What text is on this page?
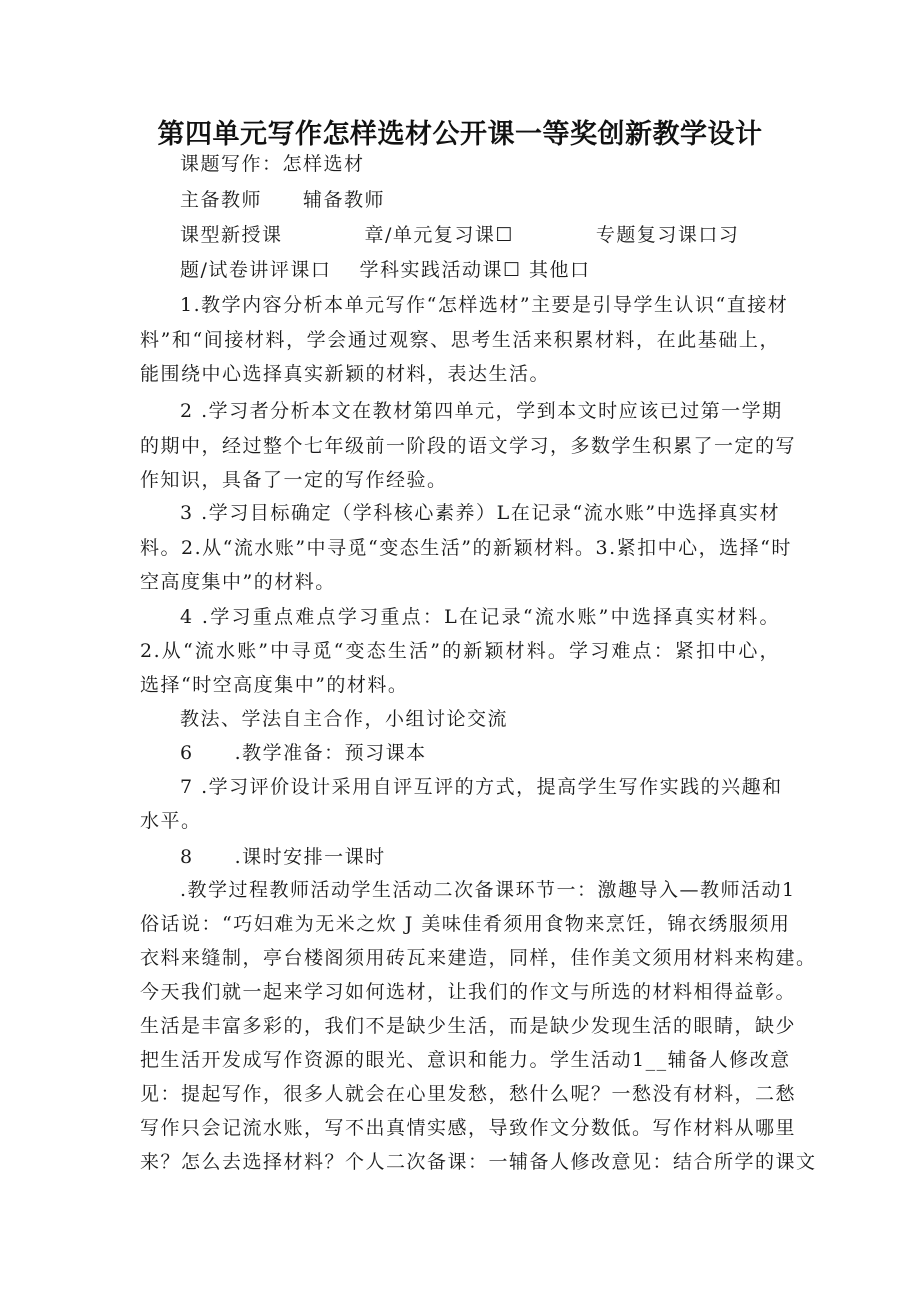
第四单元写作怎样选材公开课一等奖创新教学设计
课题写作：怎样选材
主备教师　　辅备教师
课型新授课　　　　章/单元复习课☐　　　　专题复习课口习
题/试卷讲评课口　 学科实践活动课☐ 其他口
1.教学内容分析本单元写作“怎样选材”主要是引导学生认识“直接材
料”和“间接材料，学会通过观察、思考生活来积累材料，在此基础上，
能围绕中心选择真实新颖的材料，表达生活。
2 .学习者分析本文在教材第四单元，学到本文时应该已过第一学期
的期中，经过整个七年级前一阶段的语文学习，多数学生积累了一定的写
作知识，具备了一定的写作经验。
3 .学习目标确定（学科核心素养）L在记录“流水账”中选择真实材
料。2.从“流水账”中寻觅“变态生活”的新颖材料。3.紧扣中心，选择“时
空高度集中”的材料。
4 .学习重点难点学习重点：L在记录“流水账”中选择真实材料。
2.从“流水账”中寻觅“变态生活”的新颖材料。学习难点：紧扣中心，
选择“时空高度集中”的材料。
教法、学法自主合作，小组讨论交流
6　　.教学准备：预习课本
7 .学习评价设计采用自评互评的方式，提高学生写作实践的兴趣和
水平。
8　　.课时安排一课时
.教学过程教师活动学生活动二次备课环节一：激趣导入—教师活动1
俗话说：“巧妇难为无米之炊 J 美味佳肴须用食物来烹饪，锦衣绣服须用
衣料来缝制，亭台楼阁须用砖瓦来建造，同样，佳作美文须用材料来构建。
今天我们就一起来学习如何选材，让我们的作文与所选的材料相得益彰。
生活是丰富多彩的，我们不是缺少生活，而是缺少发现生活的眼睛，缺少
把生活开发成写作资源的眼光、意识和能力。学生活动1__辅备人修改意
见：提起写作，很多人就会在心里发愁，愁什么呢？一愁没有材料，二愁
写作只会记流水账，写不出真情实感，导致作文分数低。写作材料从哪里
来？怎么去选择材料？个人二次备课：一辅备人修改意见：结合所学的课文
